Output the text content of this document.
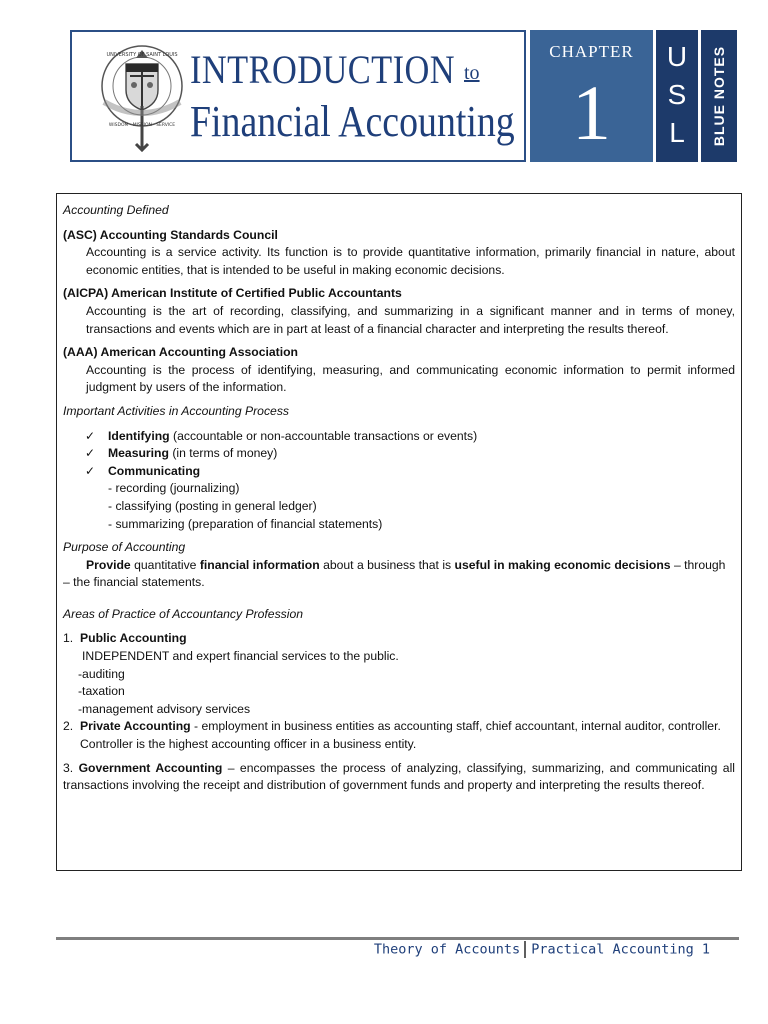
UNIVERSITY OF SAINT LOUIS
WISDOM · MISSION · SERVICE
INTRODUCTION to
Financial Accounting
CHAPTER
1
U
S
L	BLUE NOTES

Accounting Defined

(ASC) Accounting Standards Council

Accounting is a service activity. Its function is to provide quantitative information, primarily financial in nature, about economic entities, that is intended to be useful in making economic decisions.

(AICPA) American Institute of Certified Public Accountants

Accounting is the art of recording, classifying, and summarizing in a significant manner and in terms of money, transactions and events which are in part at least of a financial character and interpreting the results thereof.

(AAA) American Accounting Association

Accounting is the process of identifying, measuring, and communicating economic information to permit informed judgment by users of the information.

Important Activities in Accounting Process

✓ Identifying (accountable or non-accountable transactions or events)
✓ Measuring (in terms of money)
✓ Communicating
- recording (journalizing)
- classifying (posting in general ledger)
- summarizing (preparation of financial statements)

Purpose of Accounting

Provide quantitative financial information about a business that is useful in making economic decisions – through
– the financial statements.

Areas of Practice of Accountancy Profession

1. Public Accounting
INDEPENDENT and expert financial services to the public.
-auditing
-taxation
-management advisory services
2. Private Accounting - employment in business entities as accounting staff, chief accountant, internal auditor, controller.
Controller is the highest accounting officer in a business entity.

3. Government Accounting – encompasses the process of analyzing, classifying, summarizing, and communicating all transactions involving the receipt and distribution of government funds and property and interpreting the results thereof.

Theory of Accounts Practical Accounting 1
